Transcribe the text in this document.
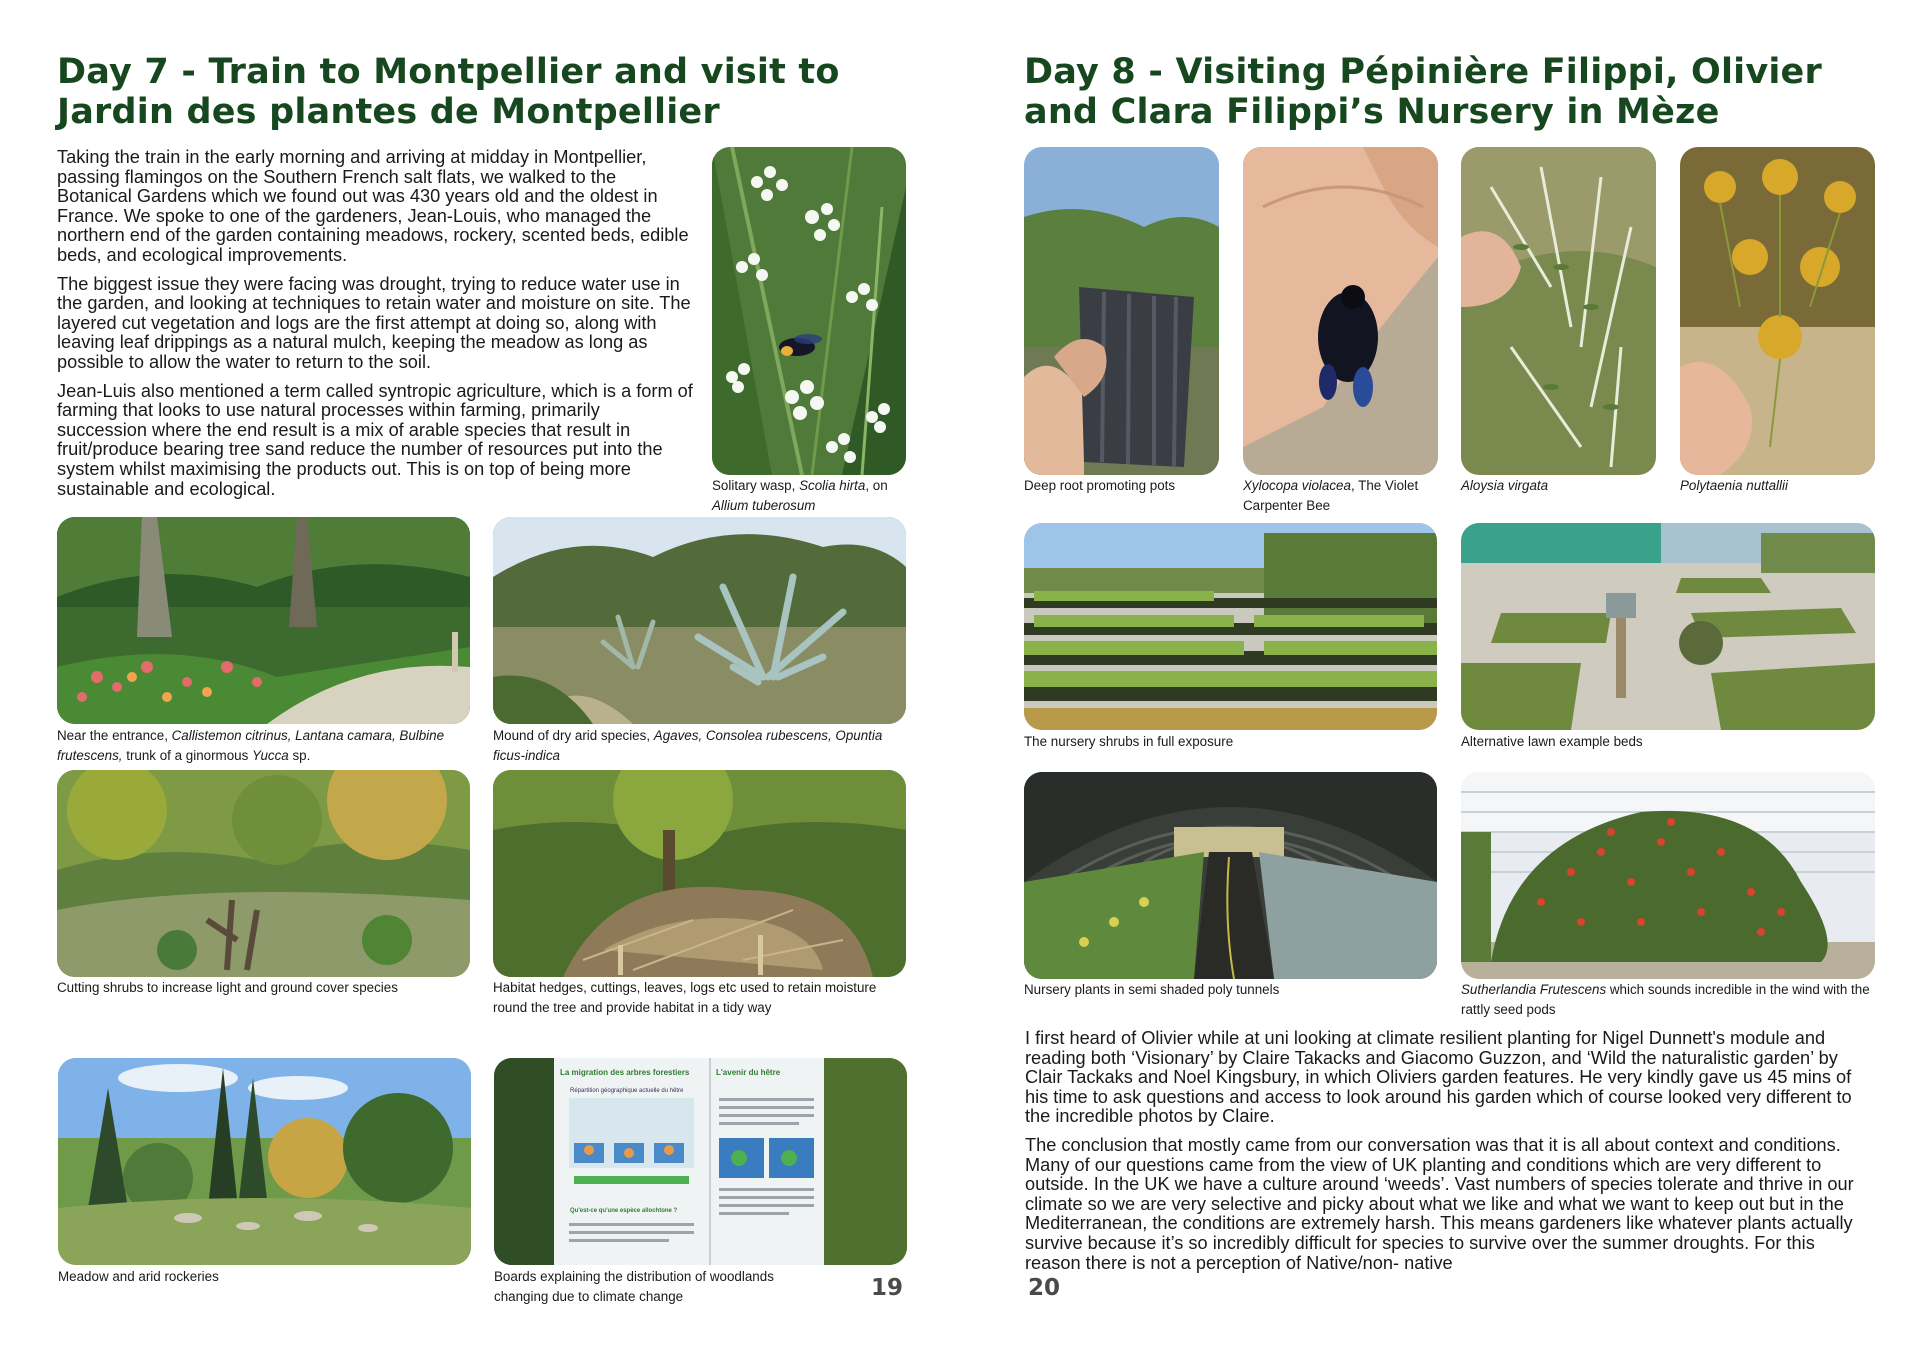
Day 7 - Train to Montpellier and visit to
Jardin des plantes de Montpellier

Taking the train in the early morning and arriving at midday in Montpellier, passing flamingos on the Southern French salt flats, we walked to the Botanical Gardens which we found out was 430 years old and the oldest in France. We spoke to one of the gardeners, Jean-Louis, who managed the northern end of the garden containing meadows, rockery, scented beds, edible beds, and ecological improvements.

The biggest issue they were facing was drought, trying to reduce water use in the garden, and looking at techniques to retain water and moisture on site. The layered cut vegetation and logs are the first attempt at doing so, along with leaving leaf drippings as a natural mulch, keeping the meadow as long as possible to allow the water to return to the soil.

Jean-Luis also mentioned a term called syntropic agriculture, which is a form of farming that looks to use natural processes within farming, primarily succession where the end result is a mix of arable species that result in fruit/produce bearing tree sand reduce the number of resources put into the system whilst maximising the products out. This is on top of being more sustainable and ecological.	Solitary wasp, Scolia hirta, on Allium tuberosum
Near the entrance, Callistemon citrinus, Lantana camara, Bulbine frutescens, trunk of a ginormous Yucca sp.
Mound of dry arid species, Agaves, Consolea rubescens, Opuntia ficus-indica
Cutting shrubs to increase light and ground cover species	Habitat hedges, cuttings, leaves, logs etc used to retain moisture round the tree and provide habitat in a tidy way
Meadow and arid rockeries
La migration des arbres forestiers	L'avenir du hêtre
Répartition géographique actuelle du hêtre
Qu'est-ce qu'une espèce allochtone ?
Boards explaining the distribution of woodlands changing due to climate change	19
Day 8 - Visiting Pépinière Filippi, Olivier
and Clara Filippi’s Nursery in Mèze
Deep root promoting pots	Xylocopa violacea, The Violet Carpenter Bee
Aloysia virgata	Polytaenia nuttallii
The nursery shrubs in full exposure	Alternative lawn example beds
Nursery plants in semi shaded poly tunnels	Sutherlandia Frutescens which sounds incredible in the wind with the rattly seed pods

I first heard of Olivier while at uni looking at climate resilient planting for Nigel Dunnett's module and reading both ‘Visionary’ by Claire Takacks and Giacomo Guzzon, and ‘Wild the naturalistic garden’ by Clair Tackaks and Noel Kingsbury, in which Oliviers garden features. He very kindly gave us 45 mins of his time to ask questions and access to look around his garden which of course looked very different to the incredible photos by Claire.

The conclusion that mostly came from our conversation was that it is all about context and conditions. Many of our questions came from the view of UK planting and conditions which are very different to outside. In the UK we have a culture around ‘weeds’. Vast numbers of species tolerate and thrive in our climate so we are very selective and picky about what we like and what we want to keep out but in the Mediterranean, the conditions are extremely harsh. This means gardeners like whatever plants actually survive because it’s so incredibly difficult for species to survive over the summer droughts. For this reason there is not a perception of Native/non- native

20
